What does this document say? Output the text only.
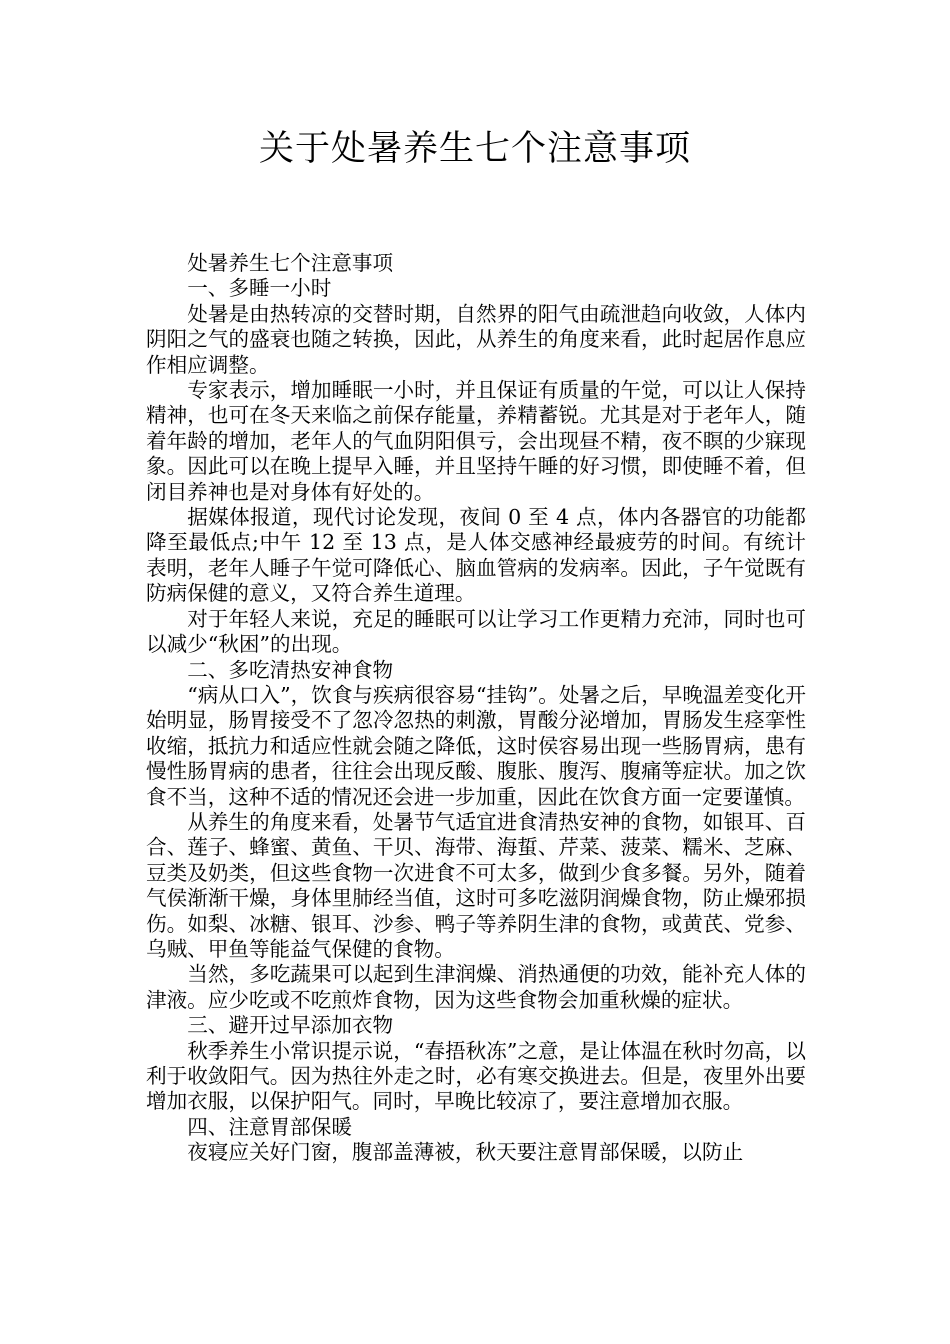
关于处暑养生七个注意事项

处暑养生七个注意事项

一、多睡一小时

处暑是由热转凉的交替时期，自然界的阳气由疏泄趋向收敛，人体内阴阳之气的盛衰也随之转换，因此，从养生的角度来看，此时起居作息应作相应调整。

专家表示，增加睡眠一小时，并且保证有质量的午觉，可以让人保持精神，也可在冬天来临之前保存能量，养精蓄锐。尤其是对于老年人，随着年龄的增加，老年人的气血阴阳俱亏，会出现昼不精，夜不瞑的少寐现象。因此可以在晚上提早入睡，并且坚持午睡的好习惯，即使睡不着，但闭目养神也是对身体有好处的。

据媒体报道，现代讨论发现，夜间 0 至 4 点，体内各器官的功能都降至最低点;中午 12 至 13 点，是人体交感神经最疲劳的时间。有统计表明，老年人睡子午觉可降低心、脑血管病的发病率。因此，子午觉既有防病保健的意义，又符合养生道理。

对于年轻人来说，充足的睡眠可以让学习工作更精力充沛，同时也可以减少“秋困”的出现。

二、多吃清热安神食物

“病从口入”，饮食与疾病很容易“挂钩”。处暑之后，早晚温差变化开始明显，肠胃接受不了忽冷忽热的刺激，胃酸分泌增加，胃肠发生痉挛性收缩，抵抗力和适应性就会随之降低，这时侯容易出现一些肠胃病，患有慢性肠胃病的患者，往往会出现反酸、腹胀、腹泻、腹痛等症状。加之饮食不当，这种不适的情况还会进一步加重，因此在饮食方面一定要谨慎。

从养生的角度来看，处暑节气适宜进食清热安神的食物，如银耳、百合、莲子、蜂蜜、黄鱼、干贝、海带、海蜇、芹菜、菠菜、糯米、芝麻、豆类及奶类，但这些食物一次进食不可太多，做到少食多餐。另外，随着气侯渐渐干燥，身体里肺经当值，这时可多吃滋阴润燥食物，防止燥邪损伤。如梨、冰糖、银耳、沙参、鸭子等养阴生津的食物，或黄芪、党参、乌贼、甲鱼等能益气保健的食物。

当然，多吃蔬果可以起到生津润燥、消热通便的功效，能补充人体的津液。应少吃或不吃煎炸食物，因为这些食物会加重秋燥的症状。

三、避开过早添加衣物

秋季养生小常识提示说，“春捂秋冻”之意，是让体温在秋时勿高，以利于收敛阳气。因为热往外走之时，必有寒交换进去。但是，夜里外出要增加衣服，以保护阳气。同时，早晚比较凉了，要注意增加衣服。

四、注意胃部保暖

夜寝应关好门窗，腹部盖薄被，秋天要注意胃部保暖，以防止
